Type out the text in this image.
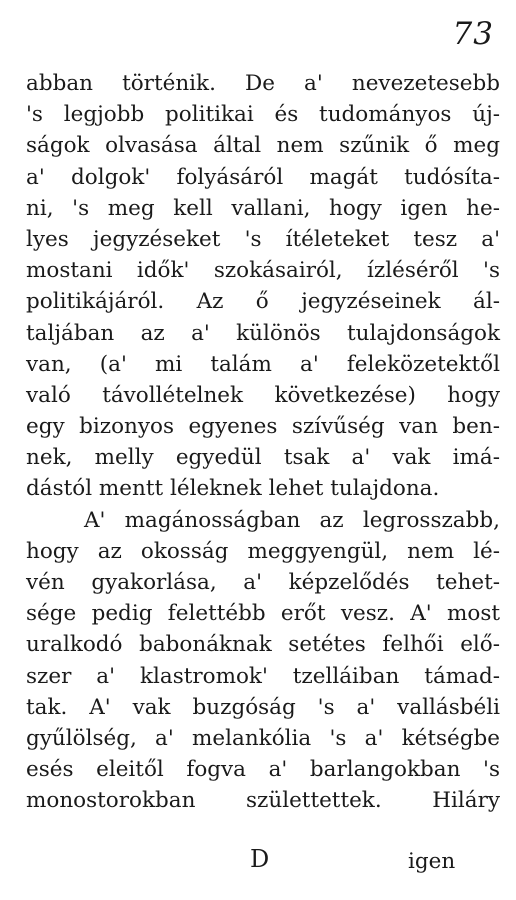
73
abban történik. De a' nevezetesebb
's legjobb politikai és tudományos új-
ságok olvasása által nem szűnik ő meg
a' dolgok' folyásáról magát tudósíta-
ni, 's meg kell vallani, hogy igen he-
lyes jegyzéseket 's ítéleteket tesz a'
mostani idők' szokásairól, ízléséről 's
politikájáról. Az ő jegyzéseinek ál-
taljában az a' különös tulajdonságok
van, (a' mi talám a' feleközetektől
való távollételnek következése) hogy
egy bizonyos egyenes szívűség van ben-
nek, melly egyedül tsak a' vak imá-
dástól mentt léleknek lehet tulajdona.
A' magánosságban az legrosszabb,
hogy az okosság meggyengül, nem lé-
vén gyakorlása, a' képzelődés tehet-
sége pedig felettébb erőt vesz. A' most
uralkodó babonáknak setétes felhői elő-
szer a' klastromok' tzelláiban támad-
tak. A' vak buzgóság 's a' vallásbéli
gyűlölség, a' melankólia 's a' kétségbe
esés eleitől fogva a' barlangokban 's
monostorokban születtettek. Hiláry
D	igen
